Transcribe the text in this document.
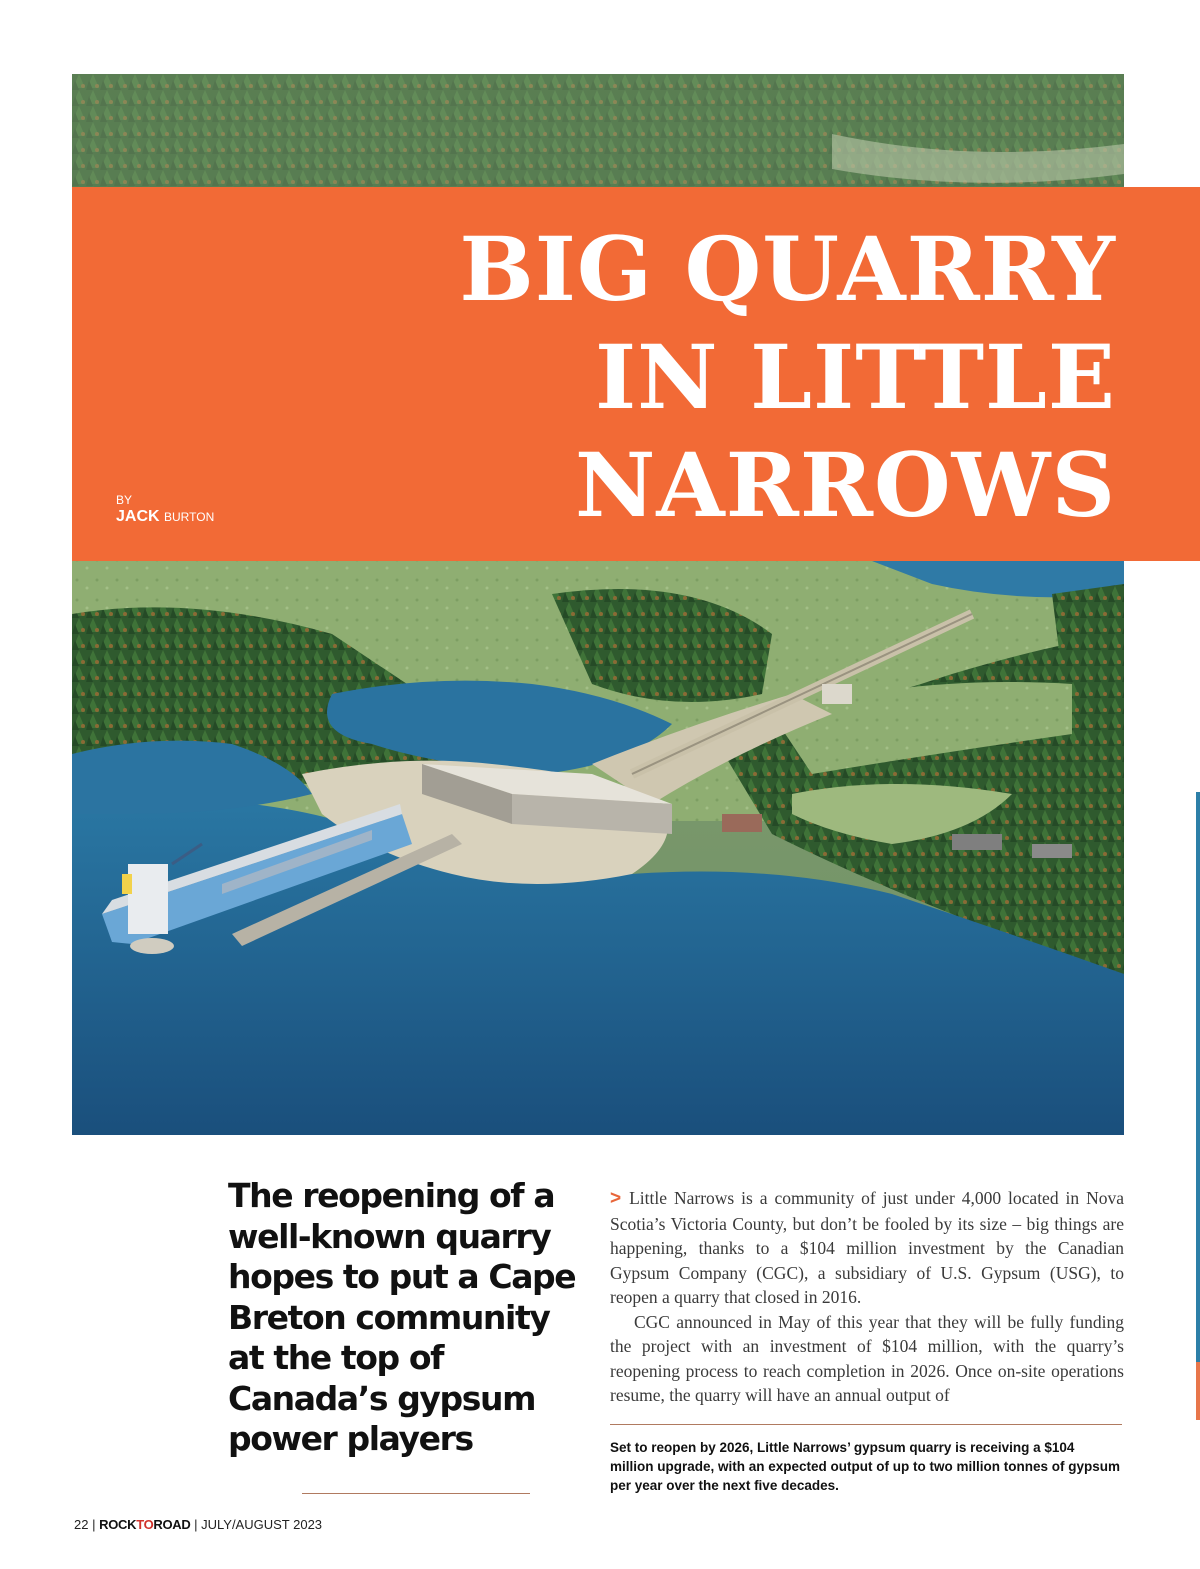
BIG QUARRY
IN LITTLE
NARROWS
BY
JACK BURTON
The reopening of a well-known quarry hopes to put a Cape Breton community at the top of Canada’s gypsum power players

> Little Narrows is a community of just under 4,000 located in Nova Scotia’s Victoria County, but don’t be fooled by its size – big things are happening, thanks to a $104 million investment by the Canadian Gypsum Company (CGC), a subsidiary of U.S. Gypsum (USG), to reopen a quarry that closed in 2016.

CGC announced in May of this year that they will be fully funding the project with an investment of $104 million, with the quarry’s reopening process to reach completion in 2026. Once on-site operations resume, the quarry will have an annual output of

Set to reopen by 2026, Little Narrows’ gypsum quarry is receiving a $104 million upgrade, with an expected output of up to two million tonnes of gypsum per year over the next five decades.

22 | ROCKTOROAD | JULY/AUGUST 2023
